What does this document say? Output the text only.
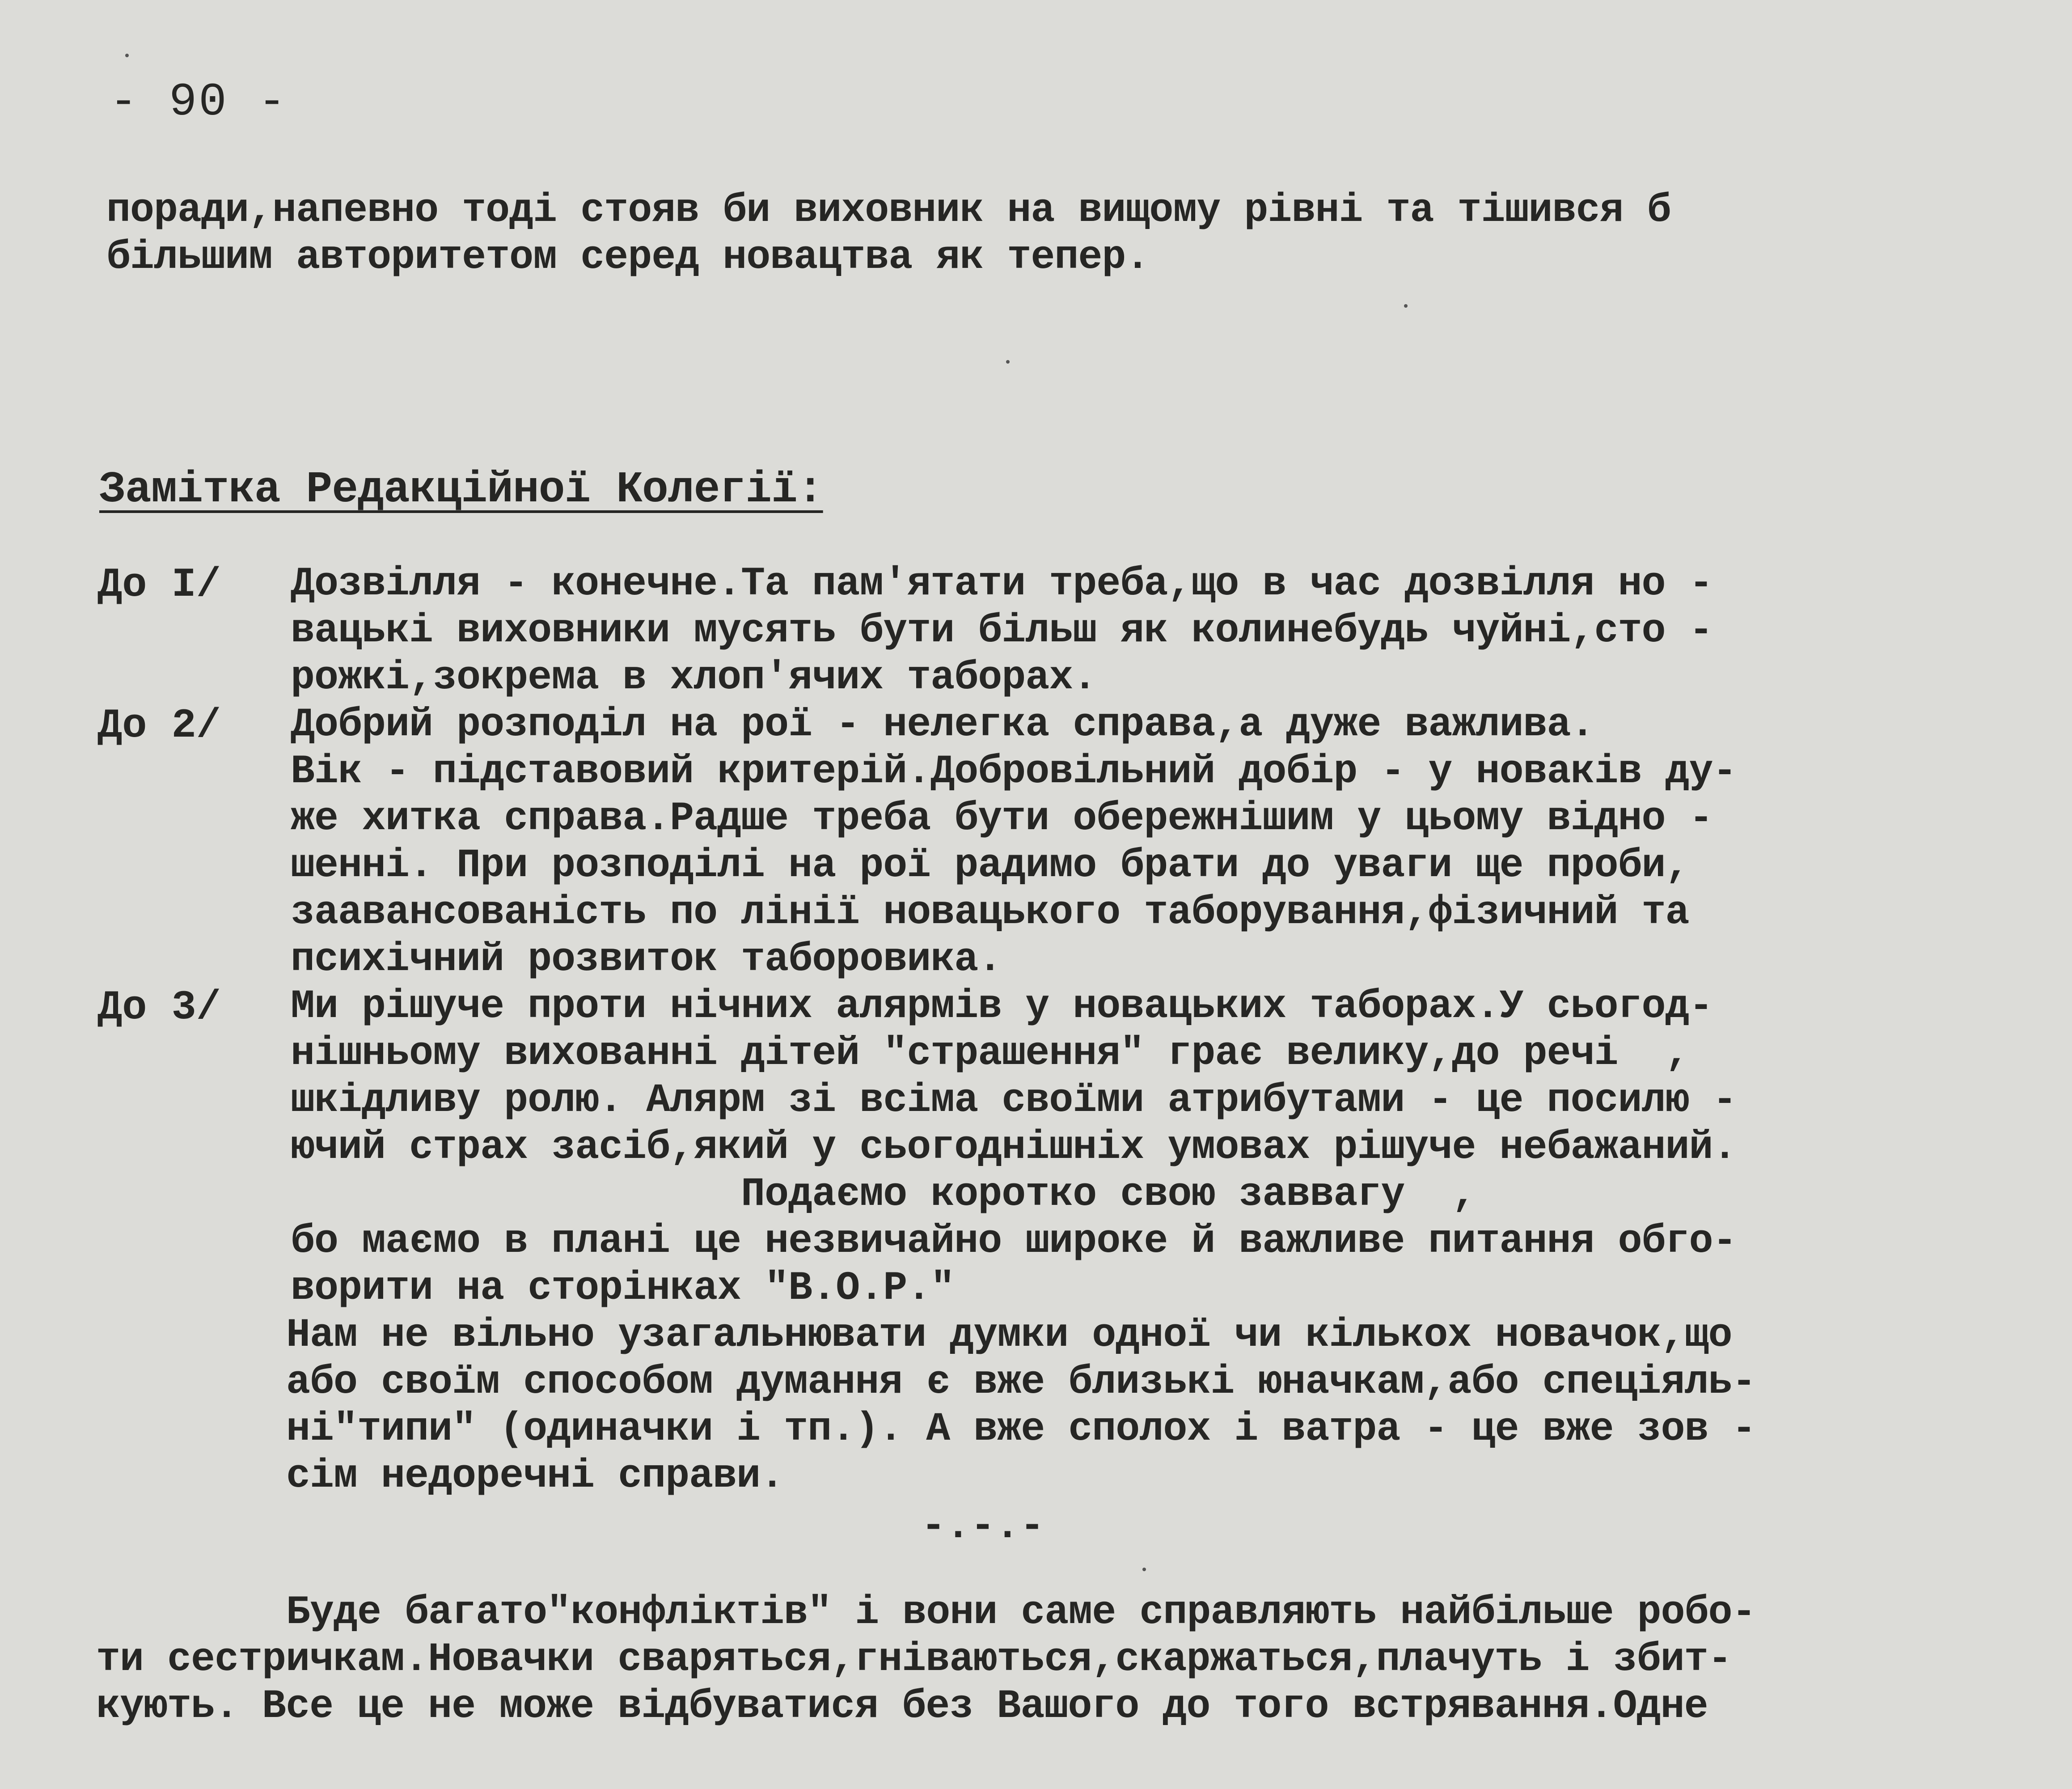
- 90 -
поради,напевно тоді стояв би виховник на вищому рівні та тішився б
більшим авторитетом серед новацтва як тепер.
Замітка Редакційної Колегії:
До I/ Дозвілля - конечне.Та пам'ятати треба,що в час дозвілля но -
вацькі виховники мусять бути більш як колинебудь чуйні,сто -
рожкі,зокрема в хлоп'ячих таборах.
До 2/ Добрий розподіл на рої - нелегка справа,а дуже важлива.
Вік - підставовий критерій.Добровільний добір - у новаків ду-
же хитка справа.Радше треба бути обережнішим у цьому відно -
шенні. При розподілі на рої радимо брати до уваги ще проби,
заавансованість по лінії новацького таборування,фізичний та
психічний розвиток таборовика.
До 3/ Ми рішуче проти нічних алярмів у новацьких таборах.У сьогод-
нішньому вихованні дітей "страшення" грає велику,до речі  ,
шкідливу ролю. Алярм зі всіма своїми атрибутами - це посилю -
ючий страх засіб,який у сьогоднішніх умовах рішуче небажаний.
Подаємо коротко свою заввагу  ,
бо маємо в плані це незвичайно широке й важливе питання обго-
ворити на сторінках "В.О.Р."
Нам не вільно узагальнювати думки одної чи кількох новачок,що
або своїм способом думання є вже близькі юначкам,або спеціяль-
ні"типи" (одиначки і тп.). А вже сполох і ватра - це вже зов -
сім недоречні справи.
-.-.-
Буде багато"конфліктів" і вони саме справляють найбільше робо-
ти сестричкам.Новачки сваряться,гніваються,скаржаться,плачуть і збит-
кують. Все це не може відбуватися без Вашого до того встрявання.Одне
